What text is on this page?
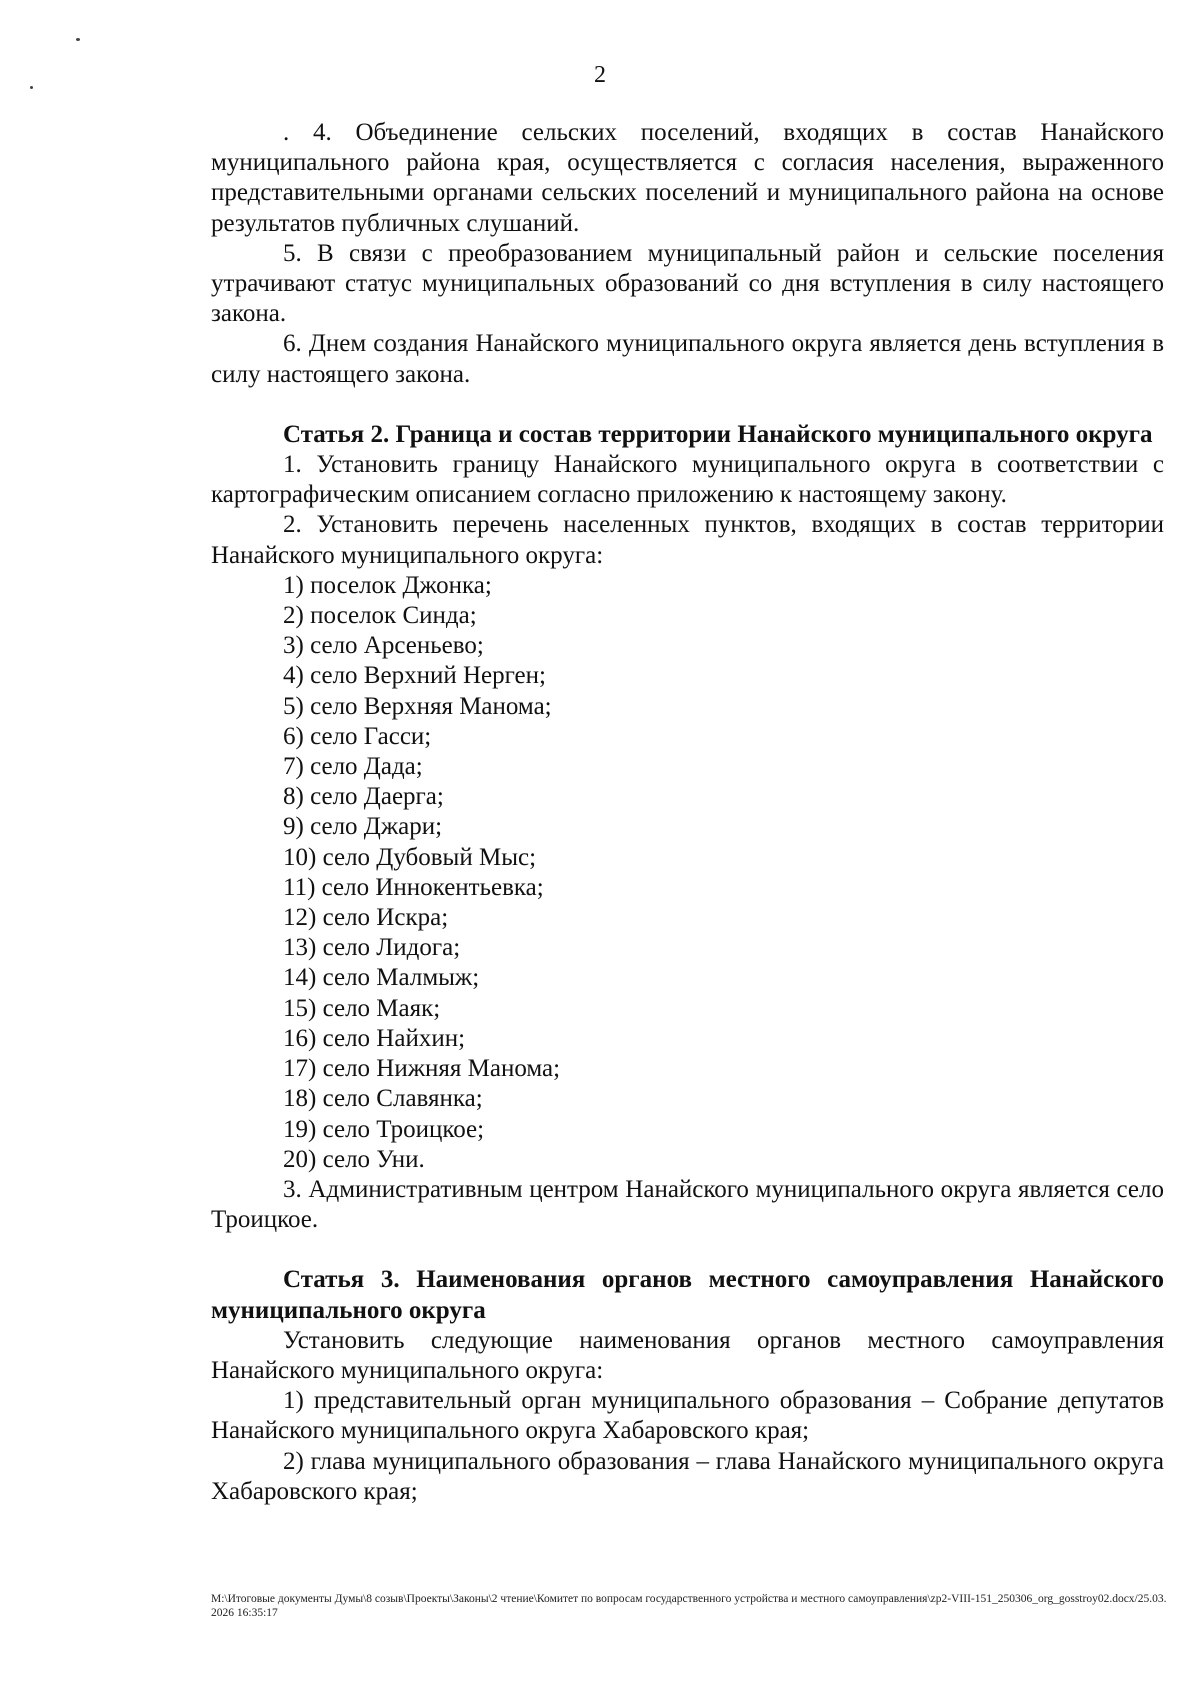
2

. 4. Объединение сельских поселений, входящих в состав Нанайского муниципального района края, осуществляется с согласия населения, выраженного представительными органами сельских поселений и муниципального района на основе результатов публичных слушаний.

5. В связи с преобразованием муниципальный район и сельские поселения утрачивают статус муниципальных образований со дня вступления в силу настоящего закона.

6. Днем создания Нанайского муниципального округа является день вступления в силу настоящего закона.

Статья 2. Граница и состав территории Нанайского муниципального округа

1. Установить границу Нанайского муниципального округа в соответствии с картографическим описанием согласно приложению к настоящему закону.

2. Установить перечень населенных пунктов, входящих в состав территории Нанайского муниципального округа:

1) поселок Джонка;
2) поселок Синда;
3) село Арсеньево;
4) село Верхний Нерген;
5) село Верхняя Манома;
6) село Гасси;
7) село Дада;
8) село Даерга;
9) село Джари;
10) село Дубовый Мыс;
11) село Иннокентьевка;
12) село Искра;
13) село Лидога;
14) село Малмыж;
15) село Маяк;
16) село Найхин;
17) село Нижняя Манома;
18) село Славянка;
19) село Троицкое;
20) село Уни.

3. Административным центром Нанайского муниципального округа является село Троицкое.

Статья 3. Наименования органов местного самоуправления Нанайского муниципального округа

Установить следующие наименования органов местного самоуправления Нанайского муниципального округа:

1) представительный орган муниципального образования – Собрание депутатов Нанайского муниципального округа Хабаровского края;

2) глава муниципального образования – глава Нанайского муниципального округа Хабаровского края;

M:\Итоговые документы Думы\8 созыв\Проекты\Законы\2 чтение\Комитет по вопросам государственного устройства и местного самоуправления\zp2-VIII-151_250306_org_gosstroy02.docx/25.03.2026 16:35:17
